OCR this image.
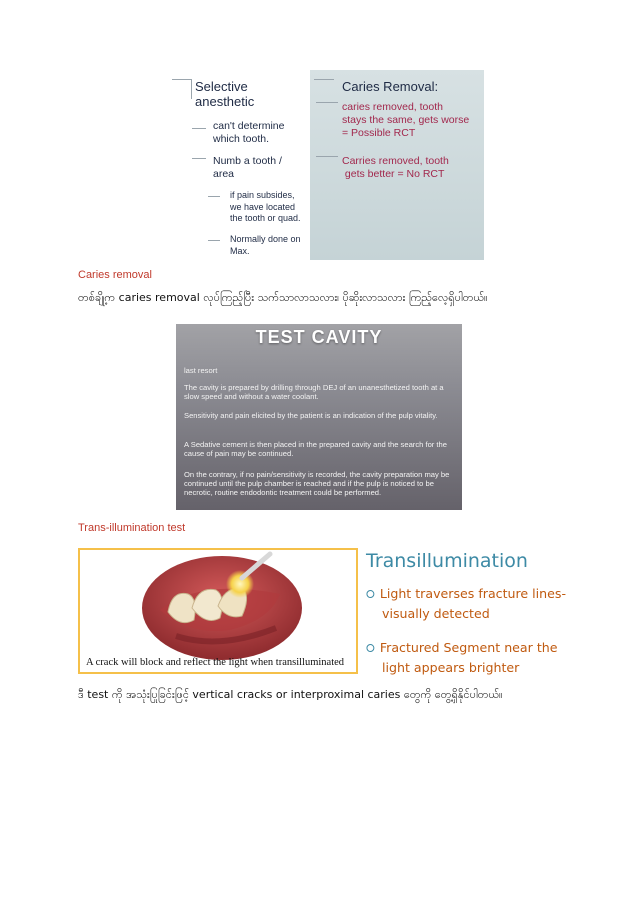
Selective
anesthetic
can't determine
which tooth.
Numb a tooth /
area
if pain subsides,
we have located
the tooth or quad.
Normally done on
Max.
Caries Removal:
caries removed, tooth
stays the same, gets worse
= Possible RCT
Carries removed, tooth
gets better = No RCT
Caries removal
တစ်ချို့က caries removal လုပ်ကြည့်ပြီး သက်သာလာသလား၊ ပိုဆိုးလာသလား ကြည့်လေ့ရှိပါတယ်။
TEST CAVITY
last resort
The cavity is prepared by drilling through DEJ of an unanesthetized tooth at a slow speed and without a water coolant.
Sensitivity and pain elicited by the patient is an indication of the pulp vitality.
A Sedative cement is then placed in the prepared cavity and the search for the cause of pain may be continued.
On the contrary, if no pain/sensitivity is recorded, the cavity preparation may be continued until the pulp chamber is reached and if the pulp is noticed to be necrotic, routine endodontic treatment could be performed.
Trans-illumination test
A crack will block and reflect the light when transilluminated
Transillumination
⭘ Light traverses fracture lines-
visually detected
⭘ Fractured Segment near the
light appears brighter
ဒီ test ကို အသုံးပြုခြင်းဖြင့် vertical cracks or interproximal caries တွေကို တွေ့ရှိနိုင်ပါတယ်။
